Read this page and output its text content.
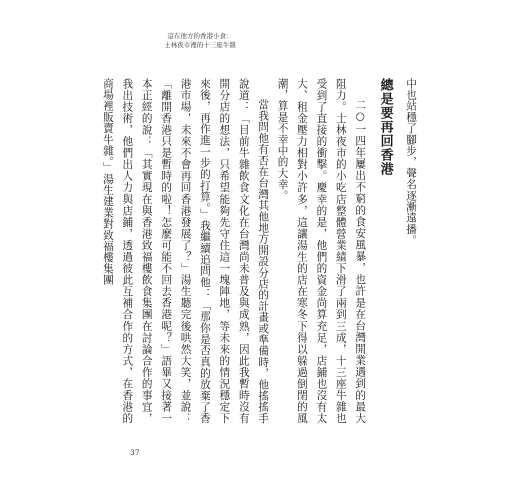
這在他方的香港小食：
士林夜市裡的十三座牛雜

中也站穩了腳步，聲名逐漸遠播。

總是要再回香港

二○一四年屢出不窮的食安風暴，也許是在台灣開業遇到的最大阻力。士林夜市的小吃店整體營業績下滑了兩到三成，十三座牛雜也受到了直接的衝擊。慶幸的是，他們的資金尚算充足，店鋪也沒有太大、租金壓力相對小許多，這讓湯生的店在寒冬下得以躲過倒閉的風潮，算是不幸中的大幸。

當我問他有否在台灣其他地方開設分店的計畫或準備時，他搖搖手說道：「目前牛雜飲食文化在台灣尚未普及與成熟，因此我暫時沒有開分店的想法，只希望能夠先守住這一塊陣地，等未來的情況穩定下來後，再作進一步的打算。」我繼續追問他：「那你是否真的放棄了香港市場，未來不會再回香港發展了？」湯生聽完後哄然大笑，並說：「離開香港只是暫時的啦！怎麼可能不回去香港呢？」語畢又接著一本正經的說：「其實現在與香港致福樓飲食集團在討論合作的事宜，我出技術，他們出人力與店鋪，透過彼此互補合作的方式，在香港的商場裡販賣牛雜。」湯生建業對致福樓集團

37
